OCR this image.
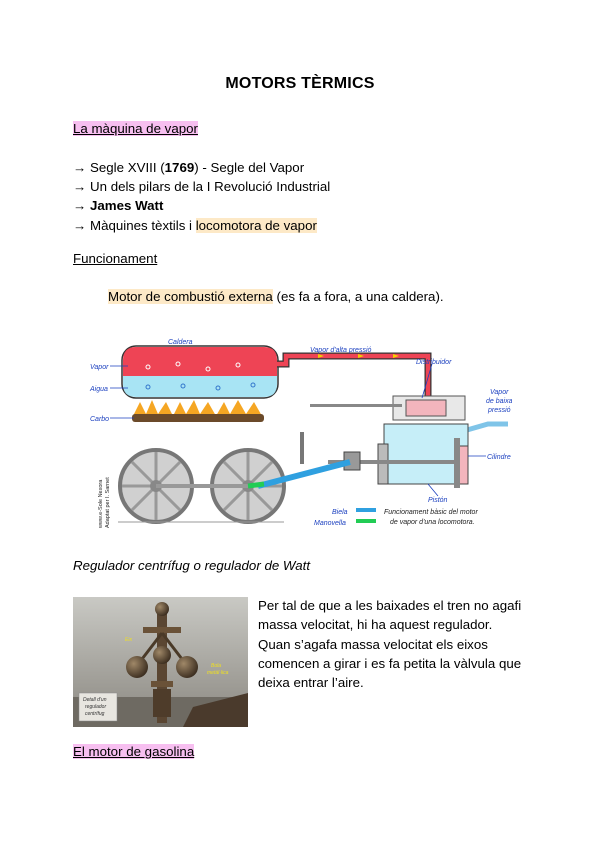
MOTORS TÈRMICS
La màquina de vapor
→ Segle XVIII (1769) - Segle del Vapor
→ Un dels pilars de la I Revolució Industrial
→ James Watt
→ Màquines tèxtils i locomotora de vapor
Funcionament
Motor de combustió externa (es fa a fora, a una caldera).
Caldera
Vapor
Aigua
Carbo
Vapor d'alta pressió
Distribuidor
Vapor
de baixa
pressió
Cilindre
Pistón
Biela
Manovella
Funcionament bàsic del motor
de vapor d'una locomotora.
www.e-Sole Nexora Adaptat per I. Sarnet
Regulador centrífug o regulador de Watt
Eix
Bola
metàl·lica
Detall d'un
regulador
centrífug
Per tal de que a les baixades el tren no agafi massa velocitat, hi ha aquest regulador. Quan s’agafa massa velocitat els eixos comencen a girar i es fa petita la vàlvula que deixa entrar l’aire.
El motor de gasolina
